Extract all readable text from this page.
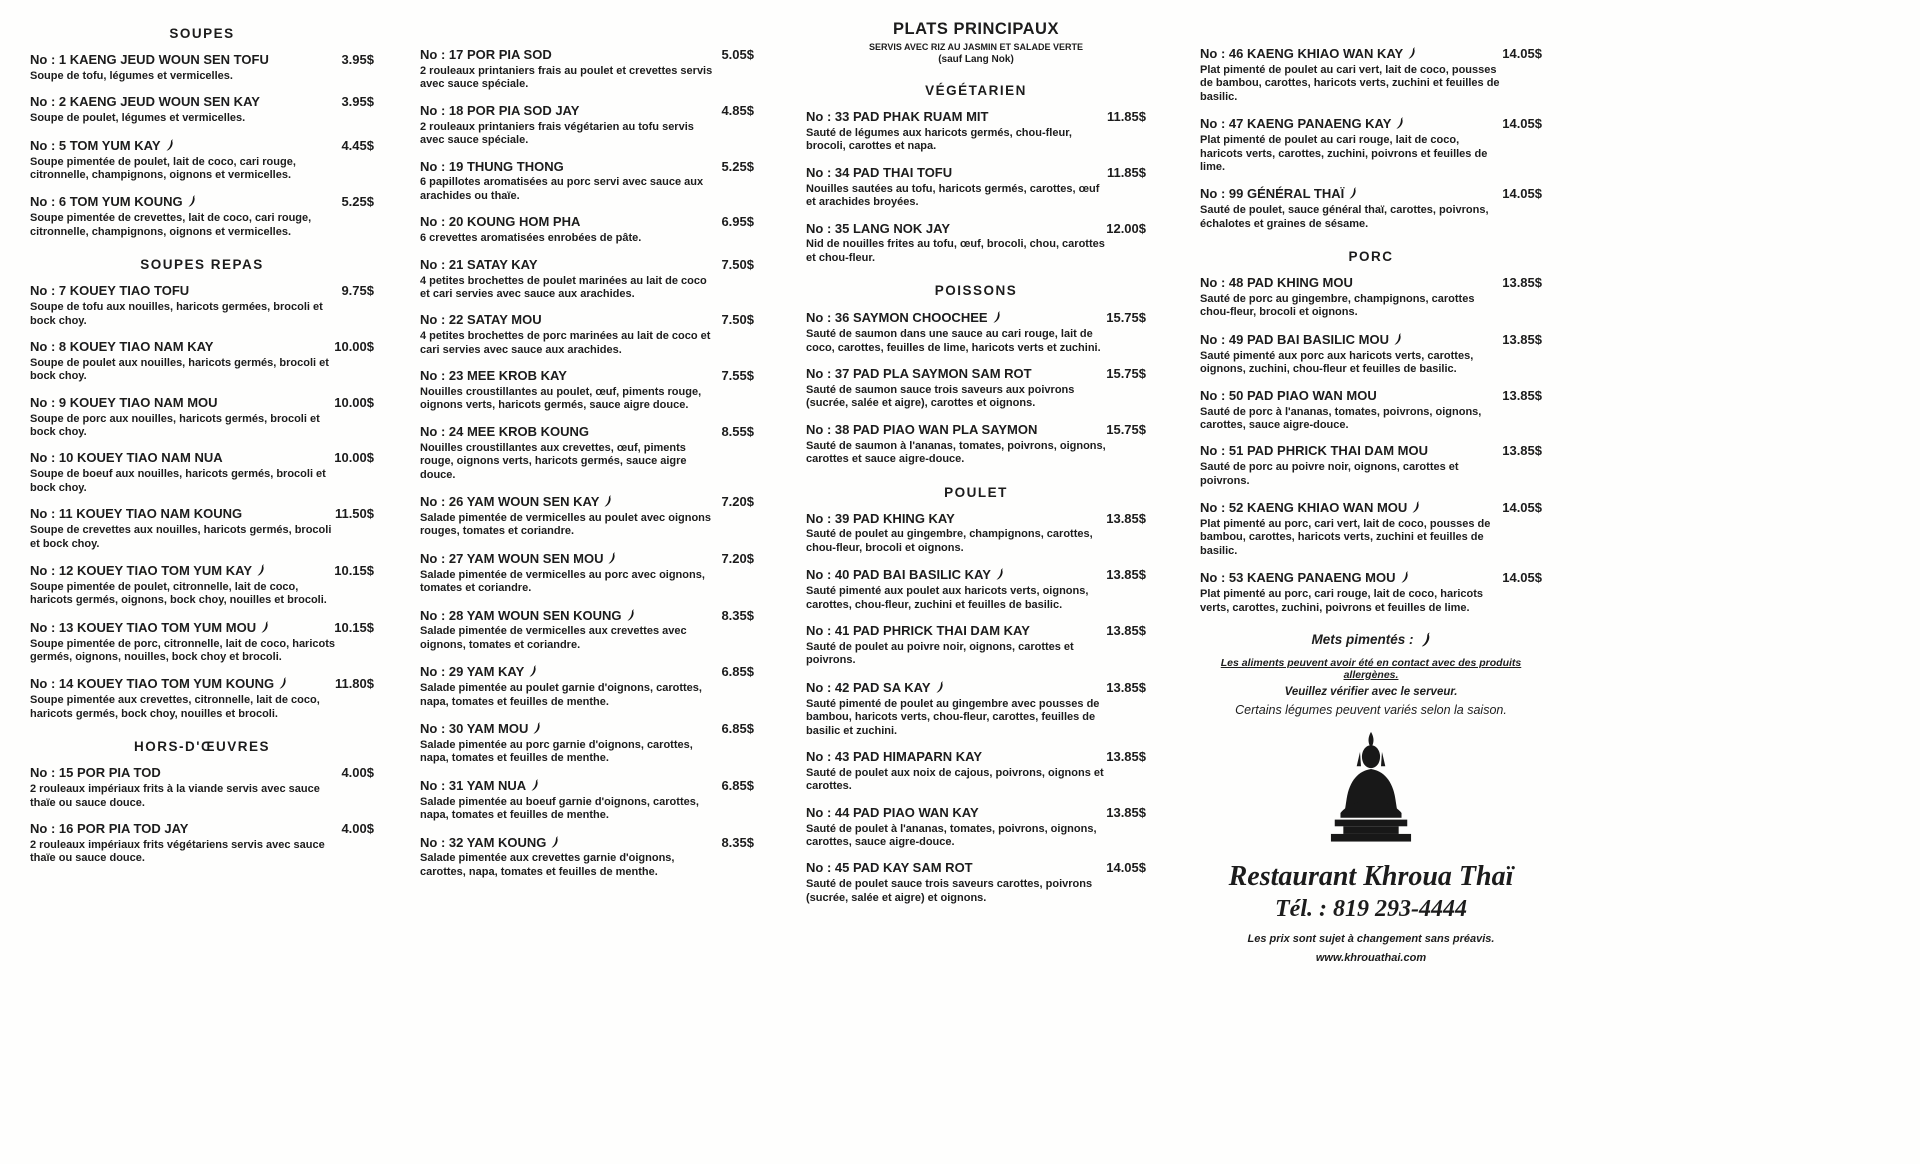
SOUPES
No : 1 KAENG JEUD WOUN SEN TOFU	3.95$
Soupe de tofu, légumes et vermicelles.
No : 2 KAENG JEUD WOUN SEN KAY	3.95$
Soupe de poulet, légumes et vermicelles.
No : 5 TOM YUM KAY	4.45$
Soupe pimentée de poulet, lait de coco, cari rouge, citronnelle, champignons, oignons et vermicelles.
No : 6 TOM YUM KOUNG	5.25$
Soupe pimentée de crevettes, lait de coco, cari rouge, citronnelle, champignons, oignons et vermicelles.
SOUPES REPAS
No : 7 KOUEY TIAO TOFU	9.75$
Soupe de tofu aux nouilles, haricots germées, brocoli et bock choy.
No : 8 KOUEY TIAO NAM KAY	10.00$
Soupe de poulet aux nouilles, haricots germés, brocoli et bock choy.
No : 9 KOUEY TIAO NAM MOU	10.00$
Soupe de porc aux nouilles, haricots germés, brocoli et bock choy.
No : 10 KOUEY TIAO NAM NUA	10.00$
Soupe de boeuf aux nouilles, haricots germés, brocoli et bock choy.
No : 11 KOUEY TIAO NAM KOUNG	11.50$
Soupe de crevettes aux nouilles, haricots germés, brocoli et bock choy.
No : 12 KOUEY TIAO TOM YUM KAY	10.15$
Soupe pimentée de poulet, citronnelle, lait de coco, haricots germés, oignons, bock choy, nouilles et brocoli.
No : 13 KOUEY TIAO TOM YUM MOU	10.15$
Soupe pimentée de porc, citronnelle, lait de coco, haricots germés, oignons, nouilles, bock choy et brocoli.
No : 14 KOUEY TIAO TOM YUM KOUNG	11.80$
Soupe pimentée aux crevettes, citronnelle, lait de coco, haricots germés, bock choy, nouilles et brocoli.
HORS-D'ŒUVRES
No : 15 POR PIA TOD	4.00$
2 rouleaux impériaux frits à la viande servis avec sauce thaïe ou sauce douce.
No : 16 POR PIA TOD JAY	4.00$
2 rouleaux impériaux frits végétariens servis avec sauce thaïe ou sauce douce.
No : 17 POR PIA SOD	5.05$
2 rouleaux printaniers frais au poulet et crevettes servis avec sauce spéciale.
No : 18 POR PIA SOD JAY	4.85$
2 rouleaux printaniers frais végétarien au tofu servis avec sauce spéciale.
No : 19 THUNG THONG	5.25$
6 papillotes aromatisées au porc servi avec sauce aux arachides ou thaïe.
No : 20 KOUNG HOM PHA	6.95$
6 crevettes aromatisées enrobées de pâte.
No : 21 SATAY KAY	7.50$
4 petites brochettes de poulet marinées au lait de coco et cari servies avec sauce aux arachides.
No : 22 SATAY MOU	7.50$
4 petites brochettes de porc marinées au lait de coco et cari servies avec sauce aux arachides.
No : 23 MEE KROB KAY	7.55$
Nouilles croustillantes au poulet, œuf, piments rouge, oignons verts, haricots germés, sauce aigre douce.
No : 24 MEE KROB KOUNG	8.55$
Nouilles croustillantes aux crevettes, œuf, piments rouge, oignons verts, haricots germés, sauce aigre douce.
No : 26 YAM WOUN SEN KAY	7.20$
Salade pimentée de vermicelles au poulet avec oignons rouges, tomates et coriandre.
No : 27 YAM WOUN SEN MOU	7.20$
Salade pimentée de vermicelles au porc avec oignons, tomates et coriandre.
No : 28 YAM WOUN SEN KOUNG	8.35$
Salade pimentée de vermicelles aux crevettes avec oignons, tomates et coriandre.
No : 29 YAM KAY	6.85$
Salade pimentée au poulet garnie d'oignons, carottes, napa, tomates et feuilles de menthe.
No : 30 YAM MOU	6.85$
Salade pimentée au porc garnie d'oignons, carottes, napa, tomates et feuilles de menthe.
No : 31 YAM NUA	6.85$
Salade pimentée au boeuf garnie d'oignons, carottes, napa, tomates et feuilles de menthe.
No : 32 YAM KOUNG	8.35$
Salade pimentée aux crevettes garnie d'oignons, carottes, napa, tomates et feuilles de menthe.
PLATS PRINCIPAUX
SERVIS AVEC RIZ AU JASMIN ET SALADE VERTE
(sauf Lang Nok)
VÉGÉTARIEN
No : 33 PAD PHAK RUAM MIT	11.85$
Sauté de légumes aux haricots germés, chou-fleur, brocoli, carottes et napa.
No : 34 PAD THAI TOFU	11.85$
Nouilles sautées au tofu, haricots germés, carottes, œuf et arachides broyées.
No : 35 LANG NOK JAY	12.00$
Nid de nouilles frites au tofu, œuf, brocoli, chou, carottes et chou-fleur.
POISSONS
No : 36 SAYMON CHOOCHEE	15.75$
Sauté de saumon dans une sauce au cari rouge, lait de coco, carottes, feuilles de lime, haricots verts et zuchini.
No : 37 PAD PLA SAYMON SAM ROT	15.75$
Sauté de saumon sauce trois saveurs aux poivrons (sucrée, salée et aigre), carottes et oignons.
No : 38 PAD PIAO WAN PLA SAYMON	15.75$
Sauté de saumon à l'ananas, tomates, poivrons, oignons, carottes et sauce aigre-douce.
POULET
No : 39 PAD KHING KAY	13.85$
Sauté de poulet au gingembre, champignons, carottes, chou-fleur, brocoli et oignons.
No : 40 PAD BAI BASILIC KAY	13.85$
Sauté pimenté aux poulet aux haricots verts, oignons, carottes, chou-fleur, zuchini et feuilles de basilic.
No : 41 PAD PHRICK THAI DAM KAY	13.85$
Sauté de poulet au poivre noir, oignons, carottes et poivrons.
No : 42 PAD SA KAY	13.85$
Sauté pimenté de poulet au gingembre avec pousses de bambou, haricots verts, chou-fleur, carottes, feuilles de basilic et zuchini.
No : 43 PAD HIMAPARN KAY	13.85$
Sauté de poulet aux noix de cajous, poivrons, oignons et carottes.
No : 44 PAD PIAO WAN KAY	13.85$
Sauté de poulet à l'ananas, tomates, poivrons, oignons, carottes, sauce aigre-douce.
No : 45 PAD KAY SAM ROT	14.05$
Sauté de poulet sauce trois saveurs carottes, poivrons (sucrée, salée et aigre) et oignons.
No : 46 KAENG KHIAO WAN KAY	14.05$
Plat pimenté de poulet au cari vert, lait de coco, pousses de bambou, carottes, haricots verts, zuchini et feuilles de basilic.
No : 47 KAENG PANAENG KAY	14.05$
Plat pimenté de poulet au cari rouge, lait de coco, haricots verts, carottes, zuchini, poivrons et feuilles de lime.
No : 99 GÉNÉRAL THAÏ	14.05$
Sauté de poulet, sauce général thaï, carottes, poivrons, échalotes et graines de sésame.
PORC
No : 48 PAD KHING MOU	13.85$
Sauté de porc au gingembre, champignons, carottes chou-fleur, brocoli et oignons.
No : 49 PAD BAI BASILIC MOU	13.85$
Sauté pimenté aux porc aux haricots verts, carottes, oignons, zuchini, chou-fleur et feuilles de basilic.
No : 50 PAD PIAO WAN MOU	13.85$
Sauté de porc à l'ananas, tomates, poivrons, oignons, carottes, sauce aigre-douce.
No : 51 PAD PHRICK THAI DAM MOU	13.85$
Sauté de porc au poivre noir, oignons, carottes et poivrons.
No : 52 KAENG KHIAO WAN MOU	14.05$
Plat pimenté au porc, cari vert, lait de coco, pousses de bambou, carottes, haricots verts, zuchini et feuilles de basilic.
No : 53 KAENG PANAENG MOU	14.05$
Plat pimenté au porc, cari rouge, lait de coco, haricots verts, carottes, zuchini, poivrons et feuilles de lime.
Mets pimentés :
Les aliments peuvent avoir été en contact avec des produits allergènes.
Veuillez vérifier avec le serveur.
Certains légumes peuvent variés selon la saison.
Restaurant Khroua Thaï
Tél. : 819 293-4444
Les prix sont sujet à changement sans préavis.
www.khrouathai.com
